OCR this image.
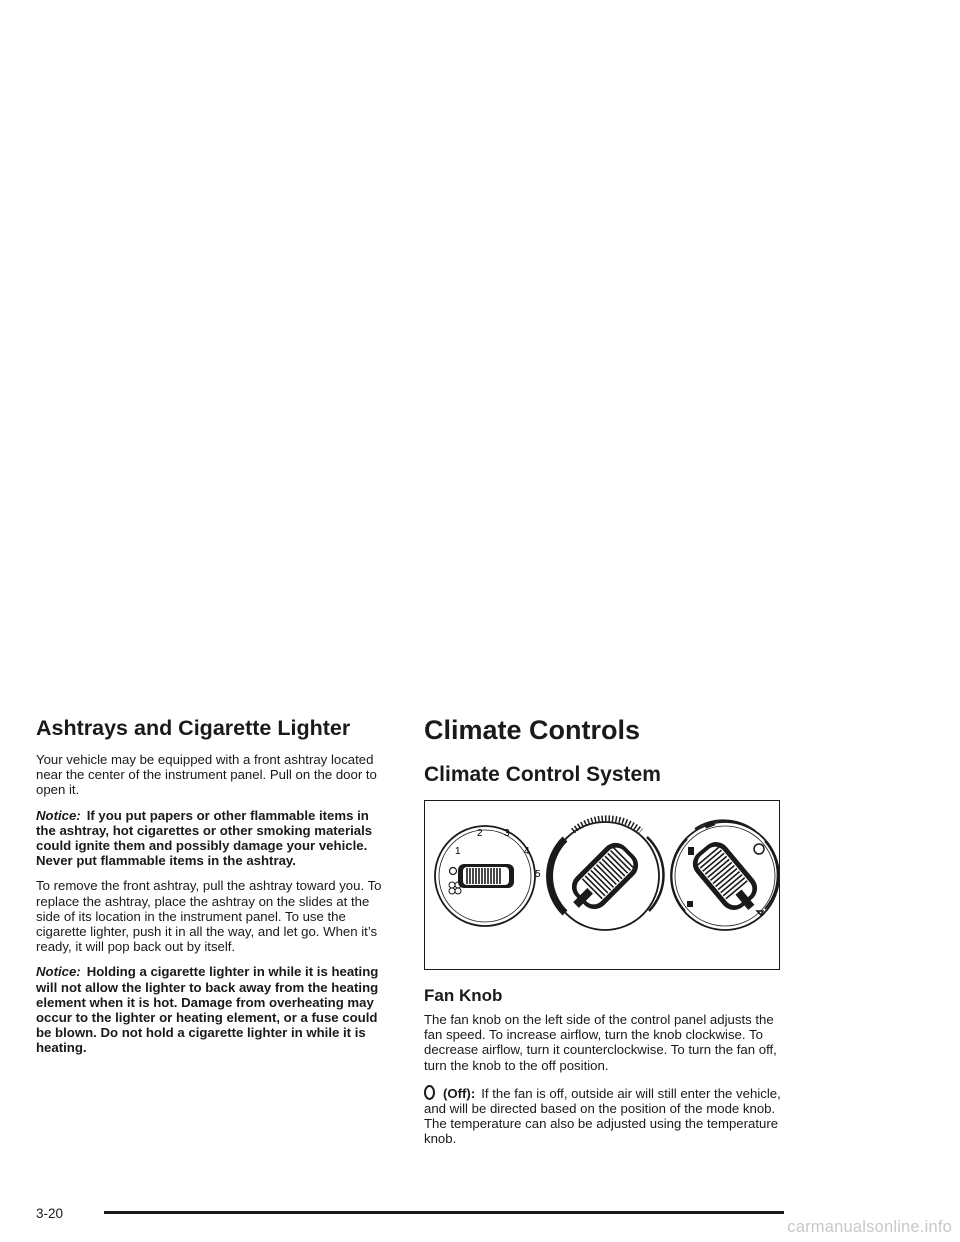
Ashtrays and Cigarette Lighter

Your vehicle may be equipped with a front ashtray located near the center of the instrument panel. Pull on the door to open it.

Notice: If you put papers or other flammable items in the ashtray, hot cigarettes or other smoking materials could ignite them and possibly damage your vehicle. Never put flammable items in the ashtray.

To remove the front ashtray, pull the ashtray toward you. To replace the ashtray, place the ashtray on the slides at the side of its location in the instrument panel. To use the cigarette lighter, push it in all the way, and let go. When it’s ready, it will pop back out by itself.

Notice: Holding a cigarette lighter in while it is heating will not allow the lighter to back away from the heating element when it is hot. Damage from overheating may occur to the lighter or heating element, or a fuse could be blown. Do not hold a cigarette lighter in while it is heating.

Climate Controls
Climate Control System
1
2 3
4
5
Fan Knob

The fan knob on the left side of the control panel adjusts the fan speed. To increase airflow, turn the knob clockwise. To decrease airflow, turn it counterclockwise. To turn the fan off, turn the knob to the off position.

(Off): If the fan is off, outside air will still enter the vehicle, and will be directed based on the position of the mode knob. The temperature can also be adjusted using the temperature knob.

3-20
carmanualsonline.info
